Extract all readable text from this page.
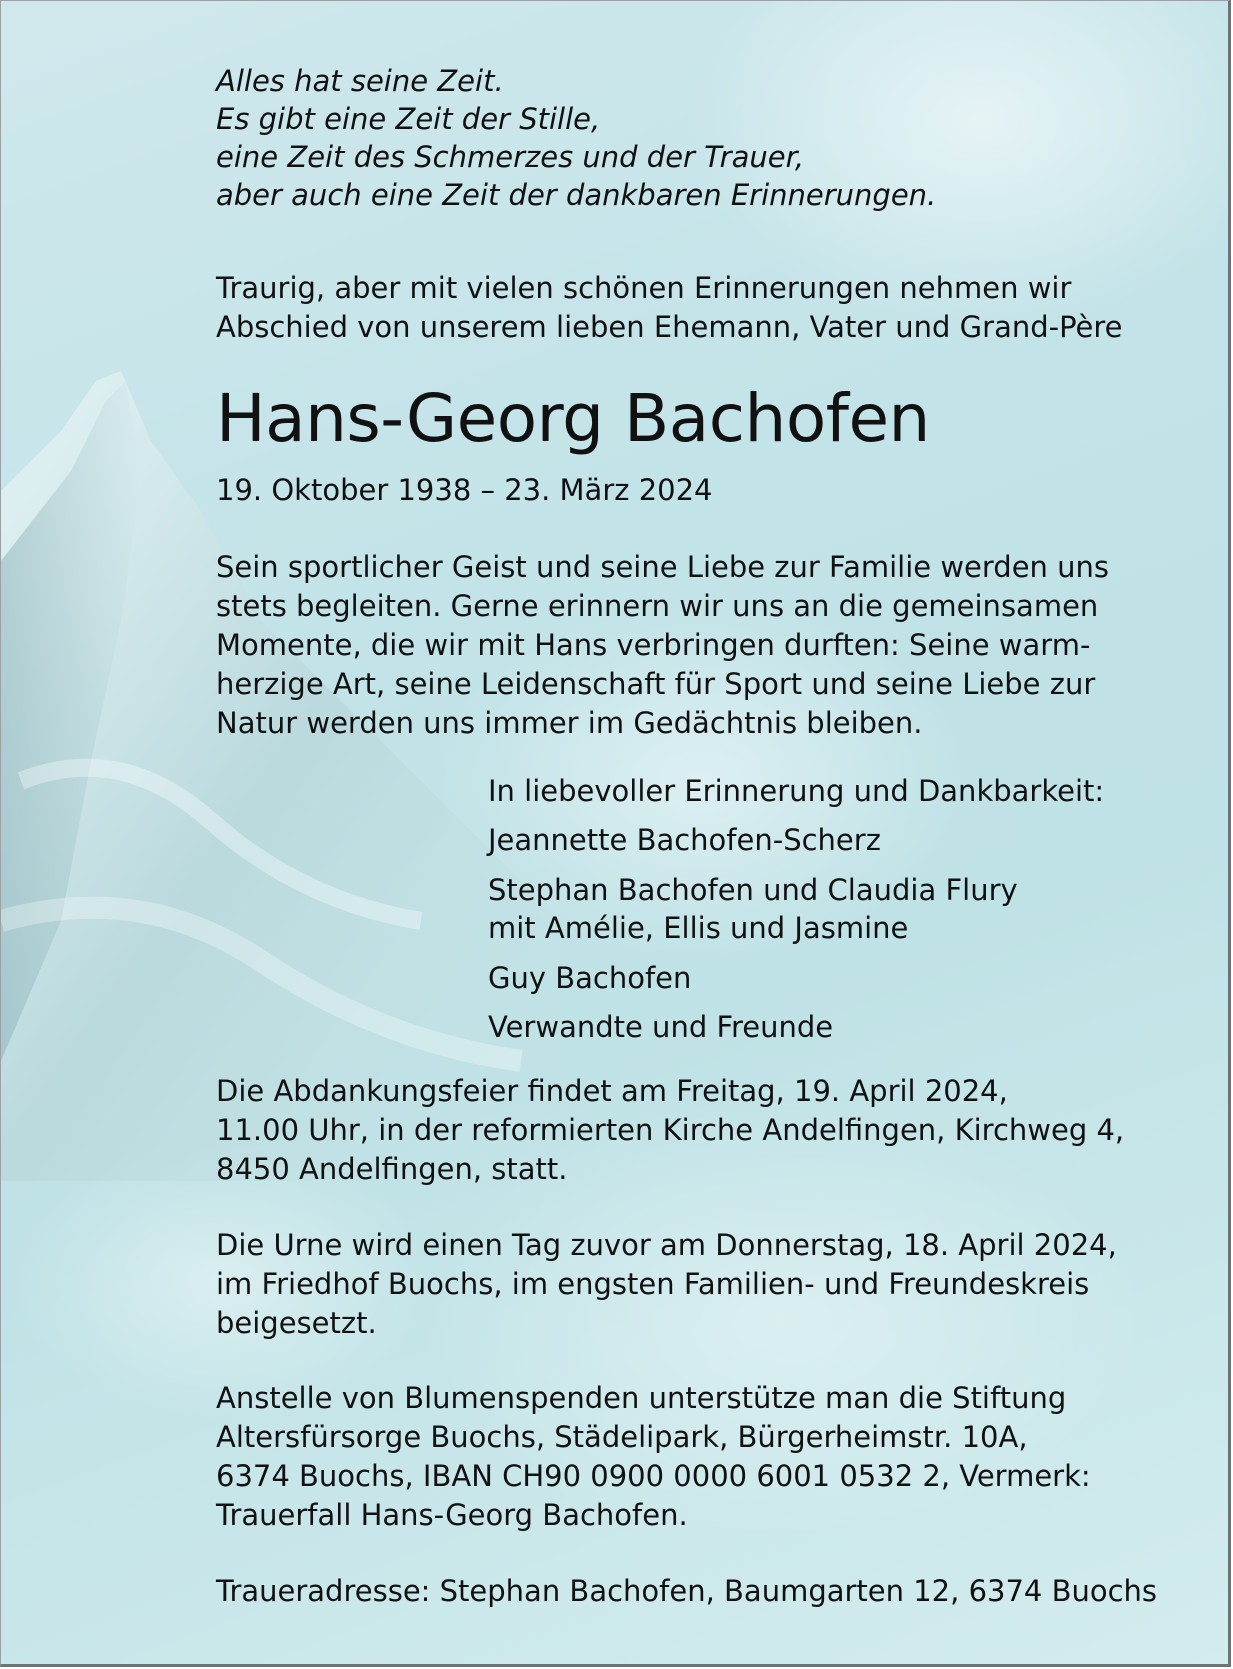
Alles hat seine Zeit.
Es gibt eine Zeit der Stille,
eine Zeit des Schmerzes und der Trauer,
aber auch eine Zeit der dankbaren Erinnerungen.
Traurig, aber mit vielen schönen Erinnerungen nehmen wir
Abschied von unserem lieben Ehemann, Vater und Grand-Père
Hans-Georg Bachofen
19. Oktober 1938 – 23. März 2024
Sein sportlicher Geist und seine Liebe zur Familie werden uns
stets begleiten. Gerne erinnern wir uns an die gemeinsamen
Momente, die wir mit Hans verbringen durften: Seine warm-
herzige Art, seine Leidenschaft für Sport und seine Liebe zur
Natur werden uns immer im Gedächtnis bleiben.
In liebevoller Erinnerung und Dankbarkeit:
Jeannette Bachofen-Scherz
Stephan Bachofen und Claudia Flury
mit Amélie, Ellis und Jasmine
Guy Bachofen
Verwandte und Freunde
Die Abdankungsfeier findet am Freitag, 19. April 2024,
11.00 Uhr, in der reformierten Kirche Andelfingen, Kirchweg 4,
8450 Andelfingen, statt.
Die Urne wird einen Tag zuvor am Donnerstag, 18. April 2024,
im Friedhof Buochs, im engsten Familien- und Freundeskreis
beigesetzt.
Anstelle von Blumenspenden unterstütze man die Stiftung
Altersfürsorge Buochs, Städelipark, Bürgerheimstr. 10A,
6374 Buochs, IBAN CH90 0900 0000 6001 0532 2, Vermerk:
Trauerfall Hans-Georg Bachofen.
Traueradresse: Stephan Bachofen, Baumgarten 12, 6374 Buochs
